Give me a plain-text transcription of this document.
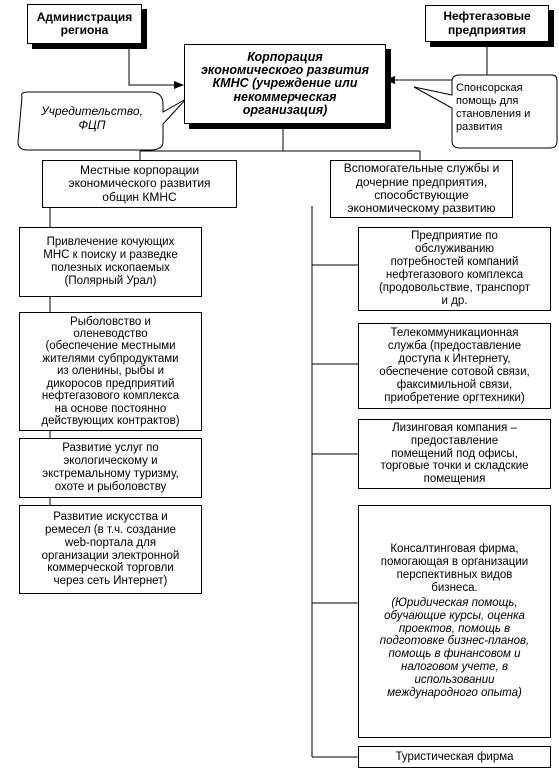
Администрация
региона
Нефтегазовые
предприятия
Корпорация
экономического развития
КМНС (учреждение или
некоммерческая
организация)
Учредительство,
ФЦП
Спонсорская
помощь для
становления и
развития
Местные корпорации
экономического развития
общин КМНС
Вспомогательные службы и
дочерние предприятия,
способствующие
экономическому развитию
Привлечение кочующих
МНС к поиску и разведке
полезных ископаемых
(Полярный Урал)
Рыболовство и
оленеводство
(обеспечение местными
жителями субпродуктами
из оленины, рыбы и
дикоросов предприятий
нефтегазового комплекса
на основе постоянно
действующих контрактов)
Развитие услуг по
экологическому и
экстремальному туризму,
охоте и рыболовству
Развитие искусства и
ремесел (в т.ч. создание
web-портала для
организации электронной
коммерческой торговли
через сеть Интернет)
Предприятие по
обслуживанию
потребностей компаний
нефтегазового комплекса
(продовольствие, транспорт
и др.
Телекоммуникационная
служба (предоставление
доступа к Интернету,
обеспечение сотовой связи,
факсимильной связи,
приобретение оргтехники)
Лизинговая компания –
предоставление
помещений под офисы,
торговые точки и складские
помещения
Консалтинговая фирма,
помогающая в организации
перспективных видов
бизнеса.
(Юридическая помощь,
обучающие курсы, оценка
проектов, помощь в
подготовке бизнес-планов,
помощь в финансовом и
налоговом учете, в
использовании
международного опыта)
Туристическая фирма
